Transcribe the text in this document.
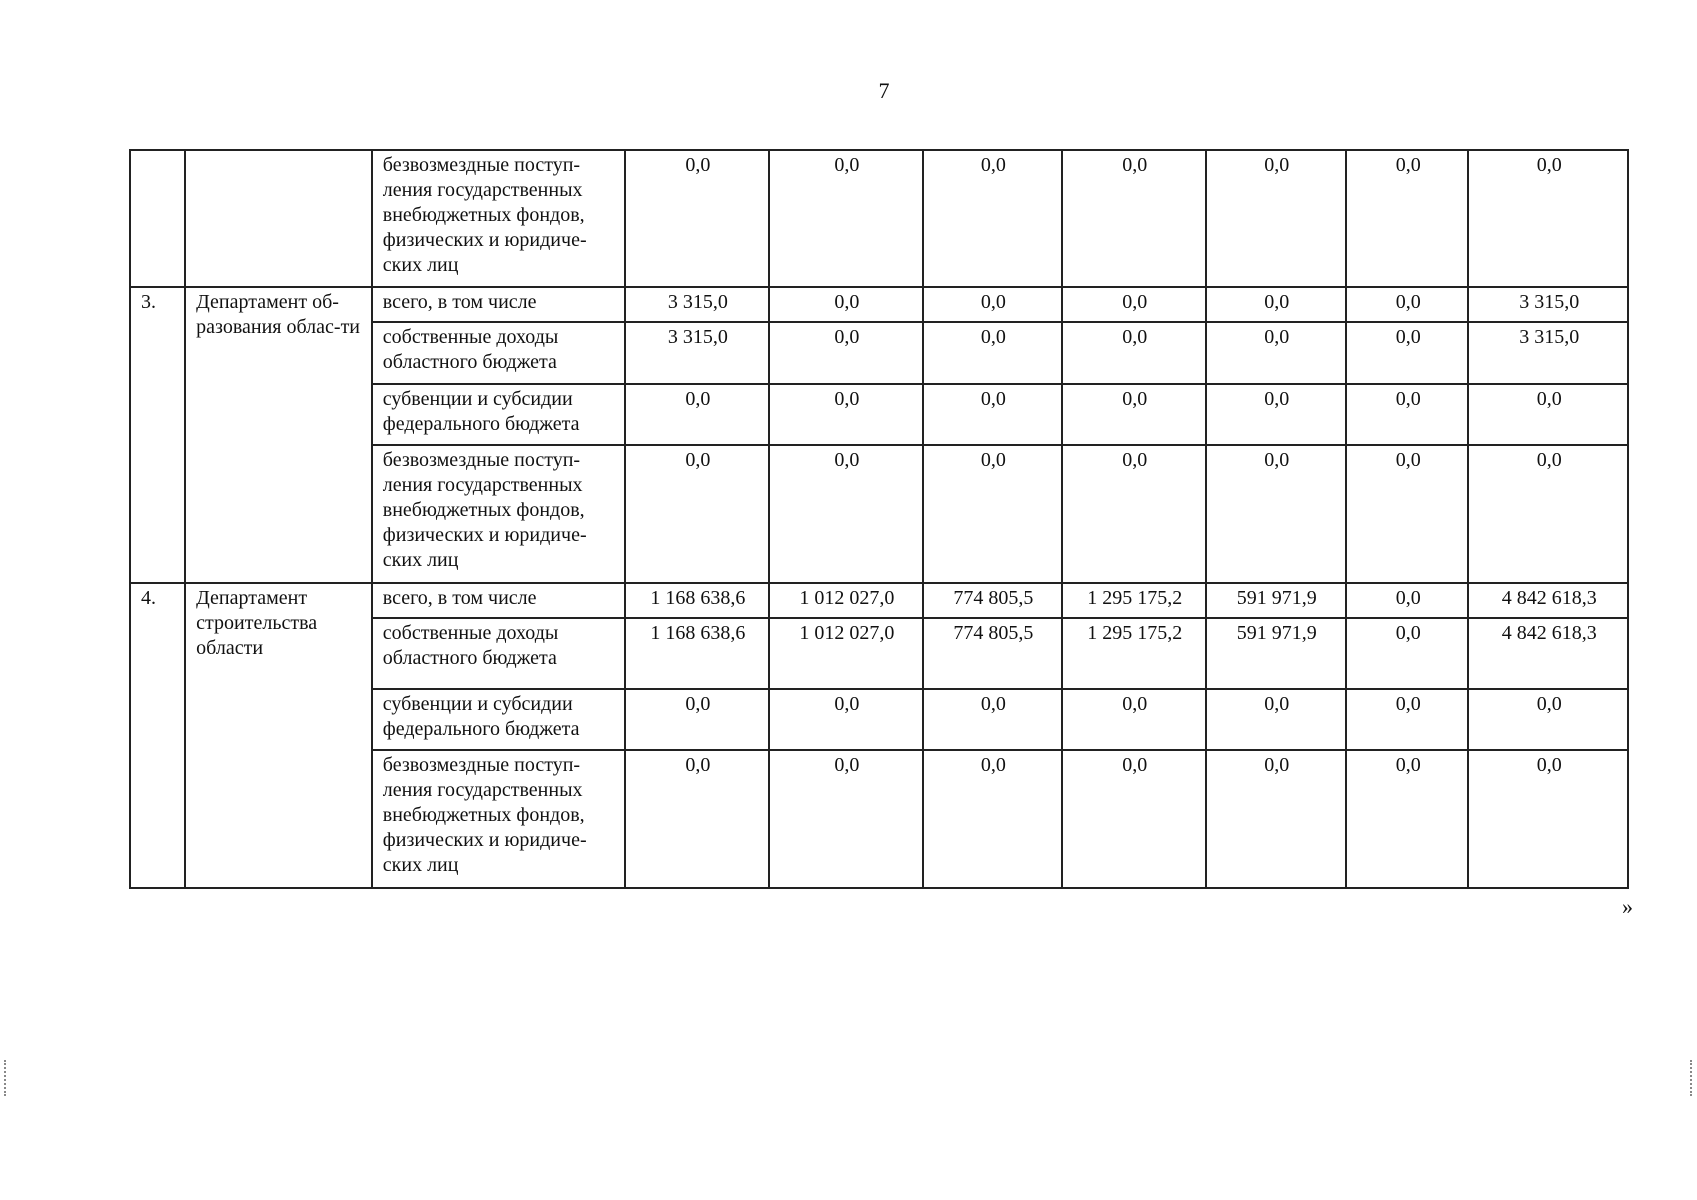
7
		безвозмездные поступ-ления государственных внебюджетных фондов, физических и юридиче-ских лиц	0,0	0,0	0,0	0,0	0,0	0,0	0,0
3.	Департамент об-разования облас-ти	всего, в том числе	3 315,0	0,0	0,0	0,0	0,0	0,0	3 315,0
		собственные доходы областного бюджета	3 315,0	0,0	0,0	0,0	0,0	0,0	3 315,0
		субвенции и субсидии федерального бюджета	0,0	0,0	0,0	0,0	0,0	0,0	0,0
		безвозмездные поступ-ления государственных внебюджетных фондов, физических и юридиче-ских лиц	0,0	0,0	0,0	0,0	0,0	0,0	0,0
4.	Департамент строительства области	всего, в том числе	1 168 638,6	1 012 027,0	774 805,5	1 295 175,2	591 971,9	0,0	4 842 618,3
		собственные доходы областного бюджета	1 168 638,6	1 012 027,0	774 805,5	1 295 175,2	591 971,9	0,0	4 842 618,3
		субвенции и субсидии федерального бюджета	0,0	0,0	0,0	0,0	0,0	0,0	0,0
		безвозмездные поступ-ления государственных внебюджетных фондов, физических и юридиче-ских лиц	0,0	0,0	0,0	0,0	0,0	0,0	0,0
»
